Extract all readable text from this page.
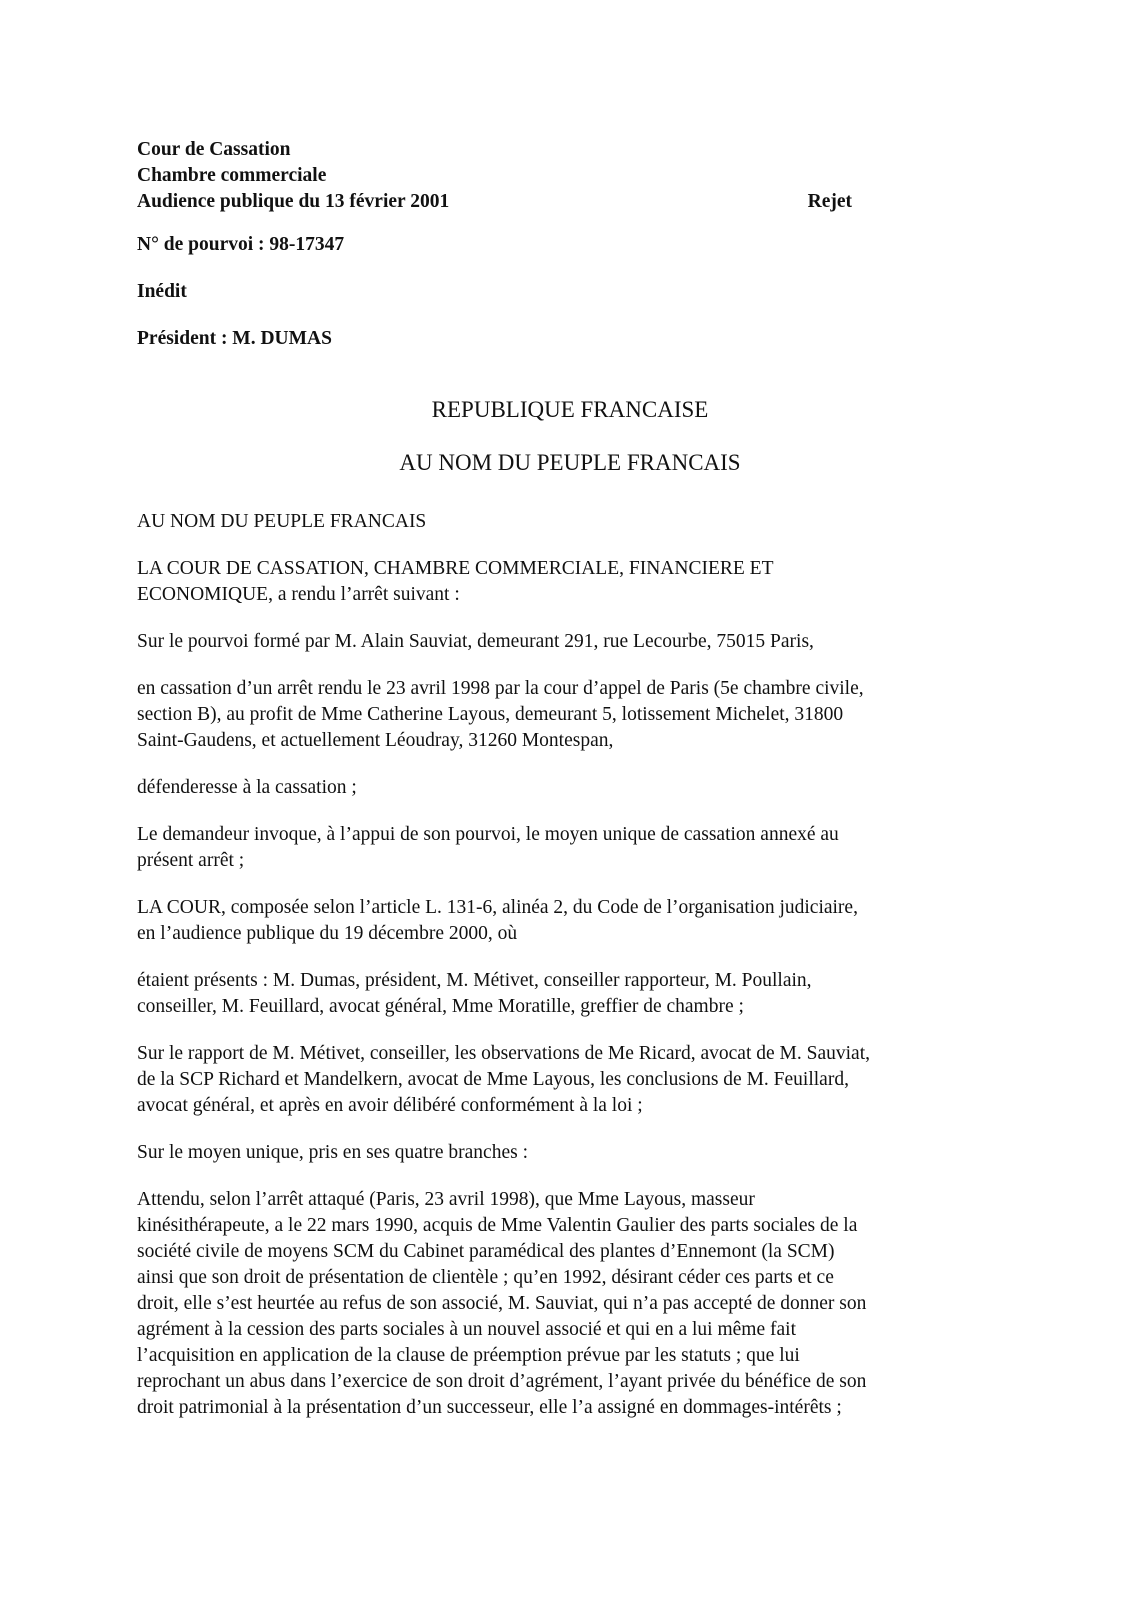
Cour de Cassation
Chambre commerciale
Audience publique du 13 février 2001	Rejet
N° de pourvoi : 98-17347
Inédit
Président : M. DUMAS
REPUBLIQUE FRANCAISE
AU NOM DU PEUPLE FRANCAIS
AU NOM DU PEUPLE FRANCAIS
LA COUR DE CASSATION, CHAMBRE COMMERCIALE, FINANCIERE ET
ECONOMIQUE, a rendu l’arrêt suivant :
Sur le pourvoi formé par M. Alain Sauviat, demeurant 291, rue Lecourbe, 75015 Paris,
en cassation d’un arrêt rendu le 23 avril 1998 par la cour d’appel de Paris (5e chambre civile,
section B), au profit de Mme Catherine Layous, demeurant 5, lotissement Michelet, 31800
Saint-Gaudens, et actuellement Léoudray, 31260 Montespan,
défenderesse à la cassation ;
Le demandeur invoque, à l’appui de son pourvoi, le moyen unique de cassation annexé au
présent arrêt ;
LA COUR, composée selon l’article L. 131-6, alinéa 2, du Code de l’organisation judiciaire,
en l’audience publique du 19 décembre 2000, où
étaient présents : M. Dumas, président, M. Métivet, conseiller rapporteur, M. Poullain,
conseiller, M. Feuillard, avocat général, Mme Moratille, greffier de chambre ;
Sur le rapport de M. Métivet, conseiller, les observations de Me Ricard, avocat de M. Sauviat,
de la SCP Richard et Mandelkern, avocat de Mme Layous, les conclusions de M. Feuillard,
avocat général, et après en avoir délibéré conformément à la loi ;
Sur le moyen unique, pris en ses quatre branches :
Attendu, selon l’arrêt attaqué (Paris, 23 avril 1998), que Mme Layous, masseur
kinésithérapeute, a le 22 mars 1990, acquis de Mme Valentin Gaulier des parts sociales de la
société civile de moyens SCM du Cabinet paramédical des plantes d’Ennemont (la SCM)
ainsi que son droit de présentation de clientèle ; qu’en 1992, désirant céder ces parts et ce
droit, elle s’est heurtée au refus de son associé, M. Sauviat, qui n’a pas accepté de donner son
agrément à la cession des parts sociales à un nouvel associé et qui en a lui même fait
l’acquisition en application de la clause de préemption prévue par les statuts ; que lui
reprochant un abus dans l’exercice de son droit d’agrément, l’ayant privée du bénéfice de son
droit patrimonial à la présentation d’un successeur, elle l’a assigné en dommages-intérêts ;
